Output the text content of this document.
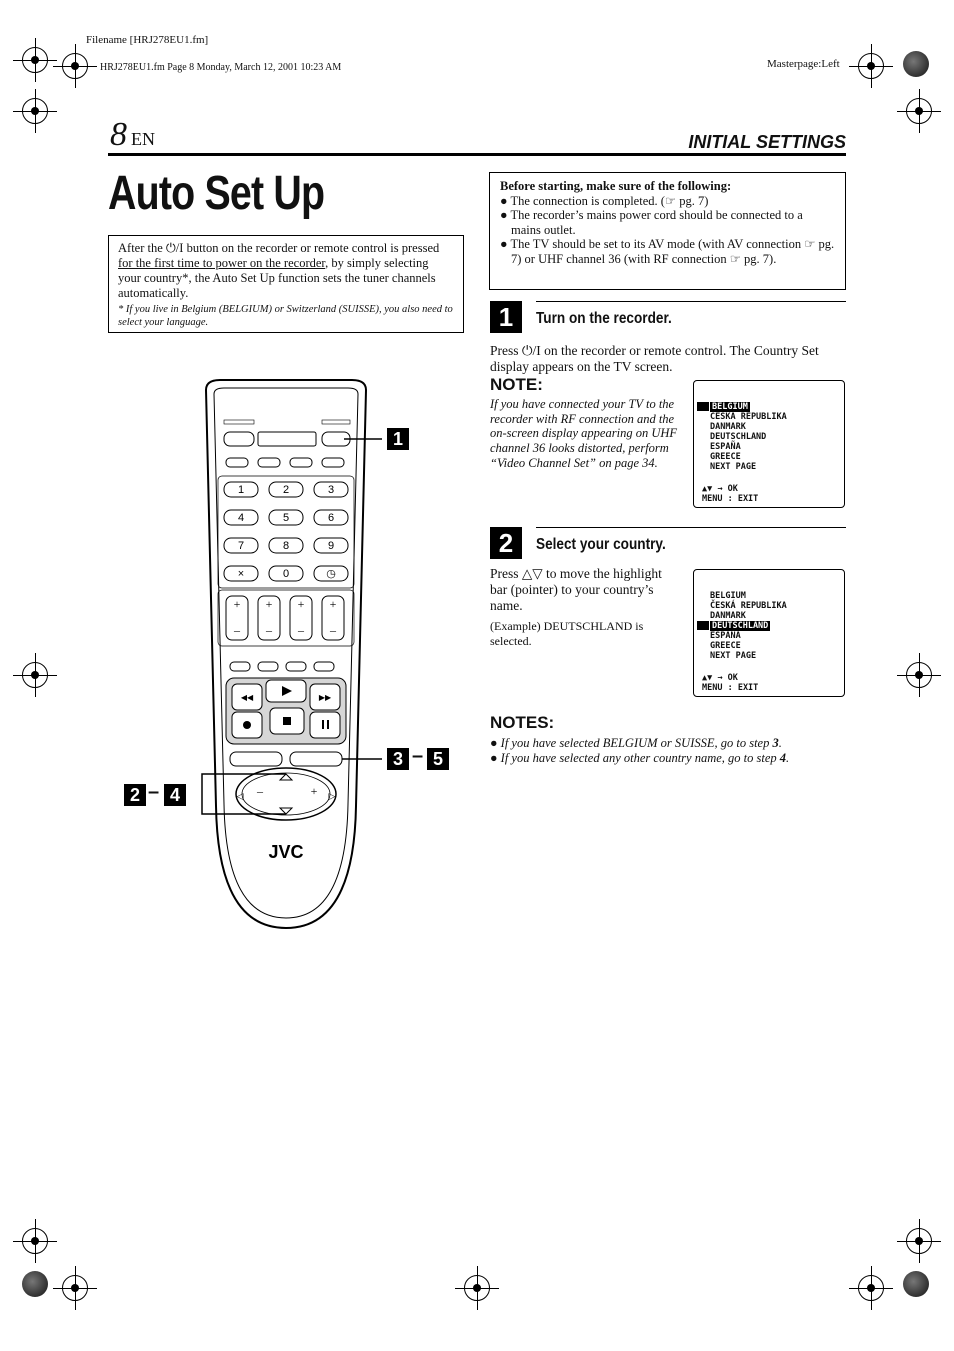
Filename [HRJ278EU1.fm]
HRJ278EU1.fm Page 8 Monday, March 12, 2001 10:23 AM	Masterpage:Left
8 EN	INITIAL SETTINGS
Auto Set Up
After the ⏻/I button on the recorder or remote control is pressed for the first time to power on the recorder, by simply selecting your country*, the Auto Set Up function sets the tuner channels automatically.
* If you live in Belgium (BELGIUM) or Switzerland (SUISSE), you also need to select your language.
Before starting, make sure of the following:
● The connection is completed. (☞ pg. 7)
● The recorder’s mains power cord should be connected to a mains outlet.
● The TV should be set to its AV mode (with AV connection ☞ pg. 7) or UHF channel 36 (with RF connection ☞ pg. 7).
1	Turn on the recorder.
Press ⏻/I on the recorder or remote control. The Country Set display appears on the TV screen.
NOTE:
If you have connected your TV to the recorder with RF connection and the on-screen display appearing on UHF channel 36 looks distorted, perform “Video Channel Set” on page 34.
BELGIUM
ČESKÁ REPUBLIKA
DANMARK
DEUTSCHLAND
ESPAÑA
GREECE
NEXT PAGE
▲▼ → OK
MENU : EXIT
2	Select your country.
Press △▽ to move the highlight bar (pointer) to your country’s name.
(Example) DEUTSCHLAND is selected.
BELGIUM
ČESKÁ REPUBLIKA
DANMARK
DEUTSCHLAND
ESPAÑA
GREECE
NEXT PAGE
▲▼ → OK
MENU : EXIT
NOTES:
● If you have selected BELGIUM or SUISSE, go to step 3.
● If you have selected any other country name, go to step 4.
1	2	3
4	5	6
7	8	9
×	0	◷
+
–
+
–
+
–
+
–
◀◀	▶▶
–	+
◁	▷
JVC
1
3 – 5
2 – 4
